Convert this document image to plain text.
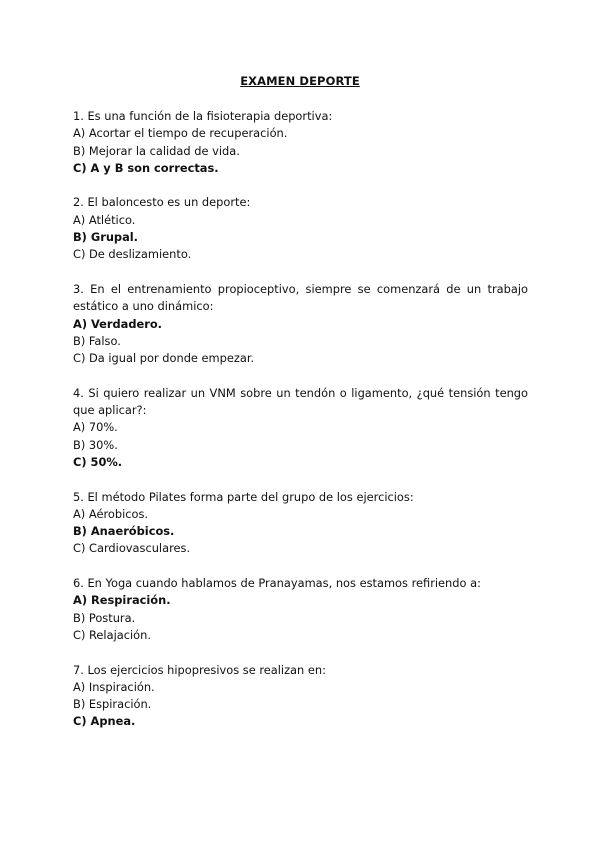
EXAMEN DEPORTE

1. Es una función de la fisioterapia deportiva:

A) Acortar el tiempo de recuperación.

B) Mejorar la calidad de vida.

C) A y B son correctas.

2. El baloncesto es un deporte:

A) Atlético.

B) Grupal.

C) De deslizamiento.

3. En el entrenamiento propioceptivo, siempre se comenzará de un trabajo estático a uno dinámico:

A) Verdadero.

B) Falso.

C) Da igual por donde empezar.

4. Si quiero realizar un VNM sobre un tendón o ligamento, ¿qué tensión tengo que aplicar?:

A) 70%.

B) 30%.

C) 50%.

5. El método Pilates forma parte del grupo de los ejercicios:

A) Aérobicos.

B) Anaeróbicos.

C) Cardiovasculares.

6. En Yoga cuando hablamos de Pranayamas, nos estamos refiriendo a:

A) Respiración.

B) Postura.

C) Relajación.

7. Los ejercicios hipopresivos se realizan en:

A) Inspiración.

B) Espiración.

C) Apnea.
